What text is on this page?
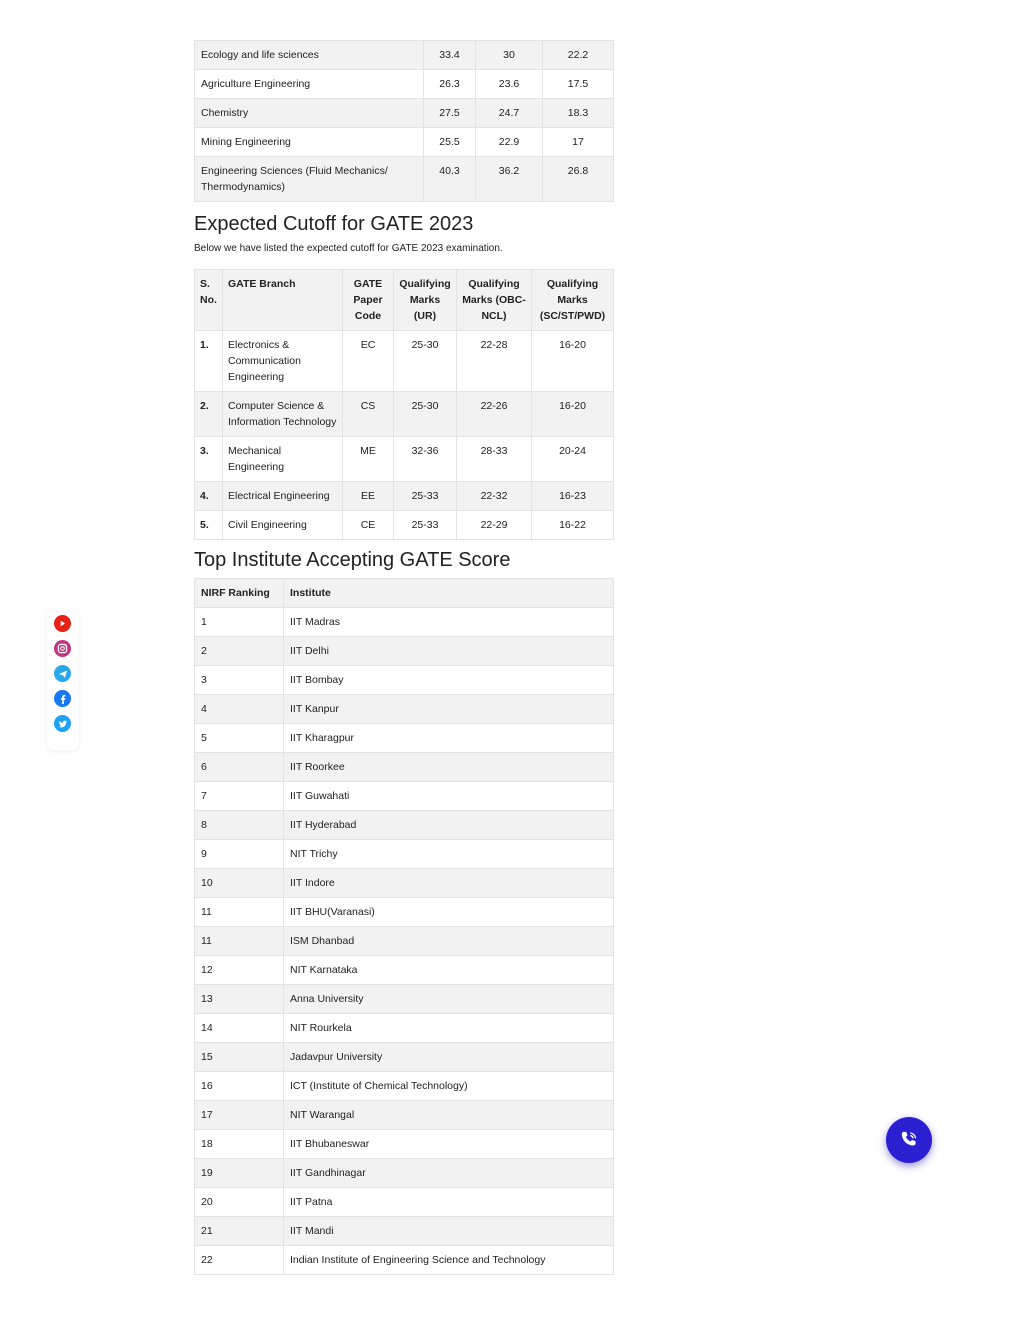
Ecology and life sciences	33.4	30	22.2
Agriculture Engineering	26.3	23.6	17.5
Chemistry	27.5	24.7	18.3
Mining Engineering	25.5	22.9	17
Engineering Sciences (Fluid Mechanics/ Thermodynamics)	40.3	36.2	26.8
Expected Cutoff for GATE 2023

Below we have listed the expected cutoff for GATE 2023 examination.

S. No.	GATE Branch	GATE Paper Code	Qualifying Marks (UR)	Qualifying Marks (OBC-NCL)	Qualifying Marks (SC/ST/PWD)
1.	Electronics & Communication Engineering	EC	25-30	22-28	16-20
2.	Computer Science & Information Technology	CS	25-30	22-26	16-20
3.	Mechanical Engineering	ME	32-36	28-33	20-24
4.	Electrical Engineering	EE	25-33	22-32	16-23
5.	Civil Engineering	CE	25-33	22-29	16-22
Top Institute Accepting GATE Score
NIRF Ranking	Institute
1	IIT Madras
2	IIT Delhi
3	IIT Bombay
4	IIT Kanpur
5	IIT Kharagpur
6	IIT Roorkee
7	IIT Guwahati
8	IIT Hyderabad
9	NIT Trichy
10	IIT Indore
11	IIT BHU(Varanasi)
11	ISM Dhanbad
12	NIT Karnataka
13	Anna University
14	NIT Rourkela
15	Jadavpur University
16	ICT (Institute of Chemical Technology)
17	NIT Warangal
18	IIT Bhubaneswar
19	IIT Gandhinagar
20	IIT Patna
21	IIT Mandi
22	Indian Institute of Engineering Science and Technology
